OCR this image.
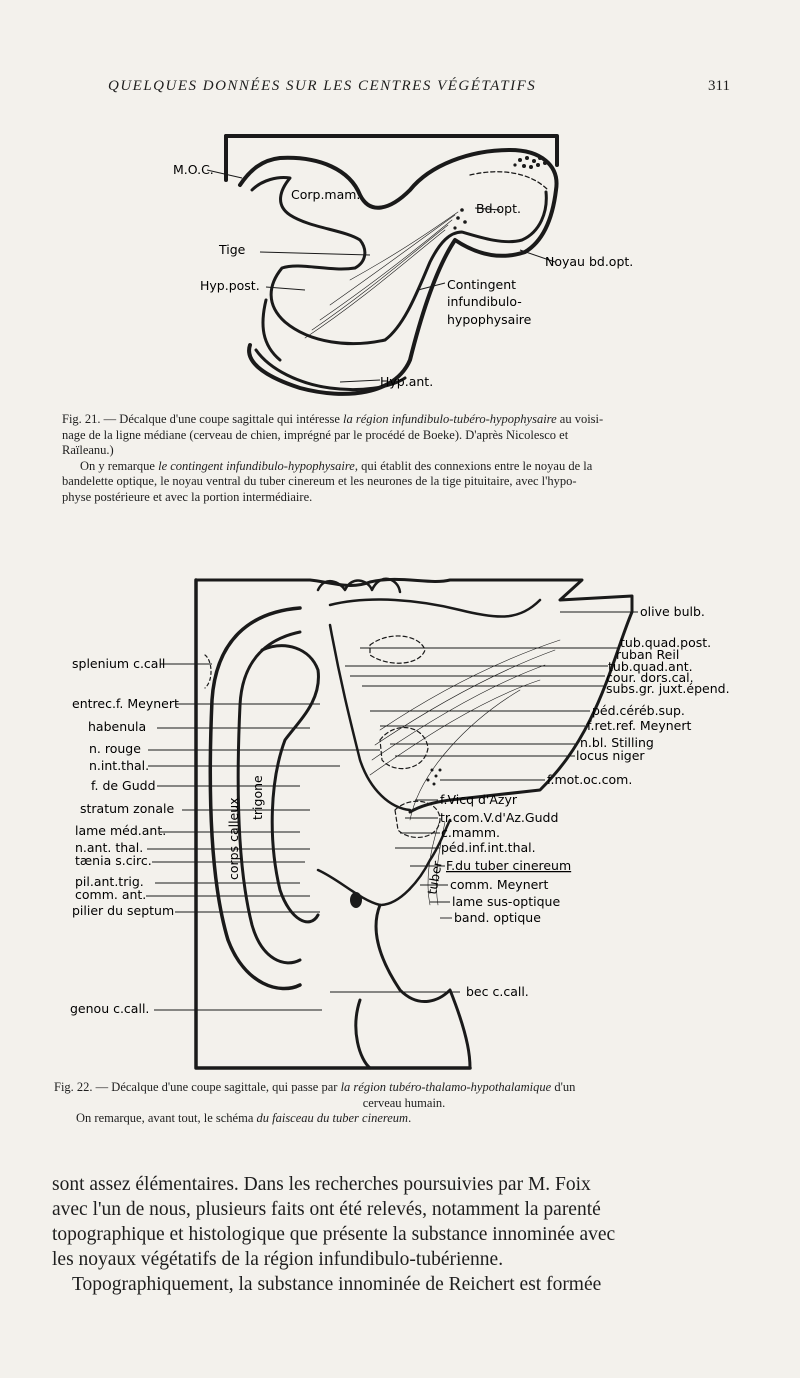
QUELQUES DONNÉES SUR LES CENTRES VÉGÉTATIFS	311
M.O.C.
Corp.mam.
Bd.opt.
Tige
Noyau bd.opt.
Hyp.post.	Contingent
infundibulo-
hypophysaire
Hyp.ant.
Fig. 21. — Décalque d'une coupe sagittale qui intéresse la région infundibulo-tubéro-hypophysaire au voisi-
nage de la ligne médiane (cerveau de chien, imprégné par le procédé de Boeke). D'après Nicolesco et
Raïleanu.)
On y remarque le contingent infundibulo-hypophysaire, qui établit des connexions entre le noyau de la
bandelette optique, le noyau ventral du tuber cinereum et les neurones de la tige pituitaire, avec l'hypo-
physe postérieure et avec la portion intermédiaire.
corps calleux trigone
tuber
splenium c.call
entrec.f. Meynert
habenula
n. rouge
n.int.thal.
f. de Gudd
stratum zonale
lame méd.ant.
n.ant. thal.
tænia s.circ.
pil.ant.trig.
comm. ant.
pilier du septum
genou c.call.
olive bulb.
tub.quad.post.
ruban Reil
tub.quad.ant.
cour. dors.cal.
subs.gr. juxt.épend.
péd.céréb.sup.
f.ret.ref. Meynert
n.bl. Stilling
locus niger
f.mot.oc.com.
f.Vicq d'Azyr
tr.com.V.d'Az.Gudd
c.mamm.
péd.inf.int.thal.
F.du tuber cinereum
comm. Meynert
lame sus-optique
band. optique
bec c.call.
Fig. 22. — Décalque d'une coupe sagittale, qui passe par la région tubéro-thalamo-hypothalamique d'un
cerveau humain.
On remarque, avant tout, le schéma du faisceau du tuber cinereum.
sont assez élémentaires. Dans les recherches poursuivies par M. Foix
avec l'un de nous, plusieurs faits ont été relevés, notamment la parenté
topographique et histologique que présente la substance innominée avec
les noyaux végétatifs de la région infundibulo-tubérienne.
Topographiquement, la substance innominée de Reichert est formée
